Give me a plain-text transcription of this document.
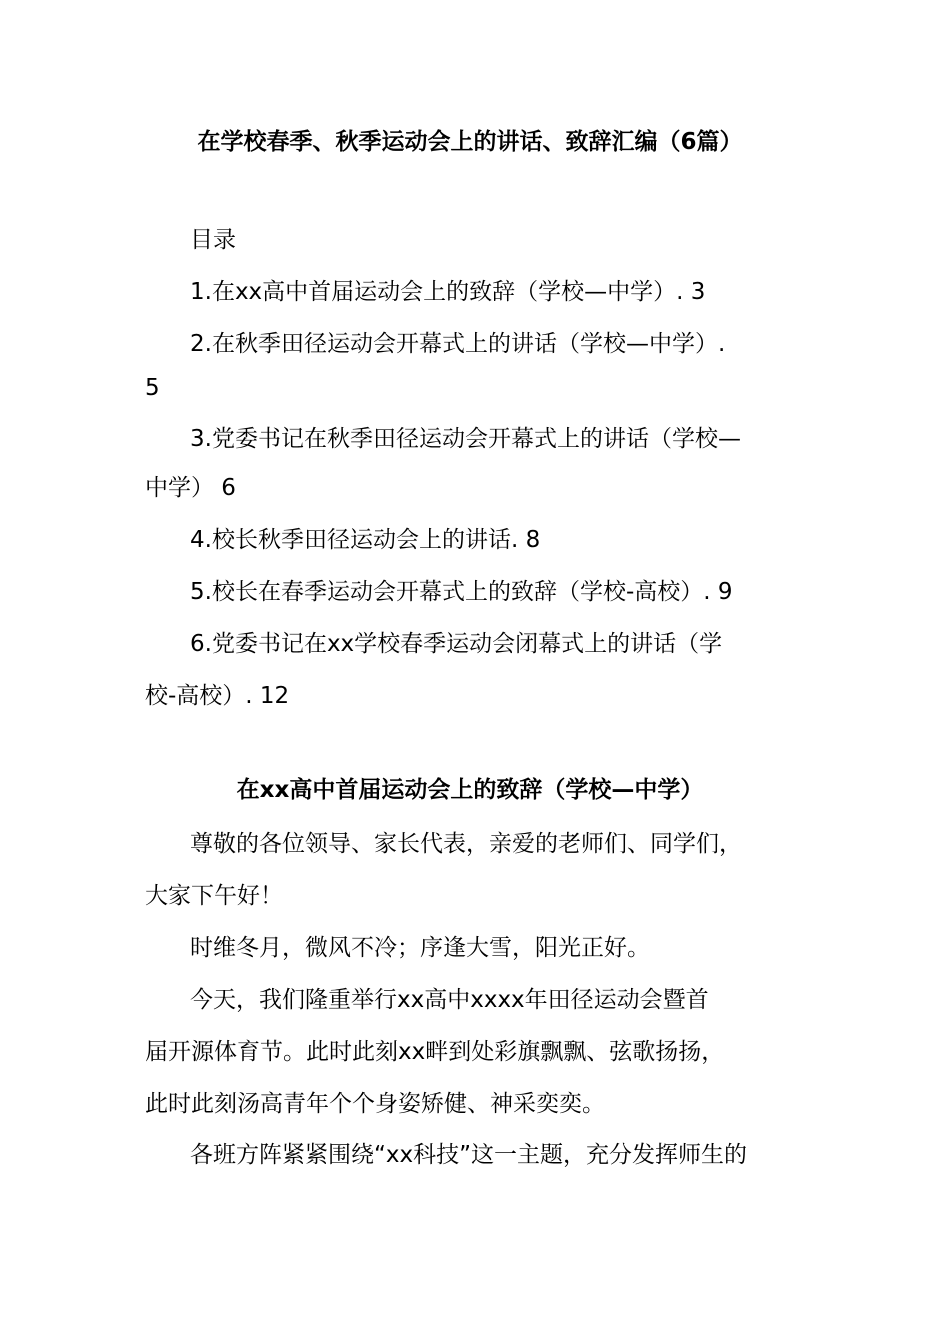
在学校春季、秋季运动会上的讲话、致辞汇编（6篇）
目录
1.在xx高中首届运动会上的致辞（学校—中学）. 3
2.在秋季田径运动会开幕式上的讲话（学校—中学）.
5
3.党委书记在秋季田径运动会开幕式上的讲话（学校—
中学） 6
4.校长秋季田径运动会上的讲话. 8
5.校长在春季运动会开幕式上的致辞（学校-高校）. 9
6.党委书记在xx学校春季运动会闭幕式上的讲话（学
校-高校）. 12
在xx高中首届运动会上的致辞（学校—中学）
尊敬的各位领导、家长代表，亲爱的老师们、同学们，
大家下午好！
时维冬月，微风不冷；序逢大雪，阳光正好。
今天，我们隆重举行xx高中xxxx年田径运动会暨首
届开源体育节。此时此刻xx畔到处彩旗飘飘、弦歌扬扬，
此时此刻汤高青年个个身姿矫健、神采奕奕。
各班方阵紧紧围绕“xx科技”这一主题，充分发挥师生的
